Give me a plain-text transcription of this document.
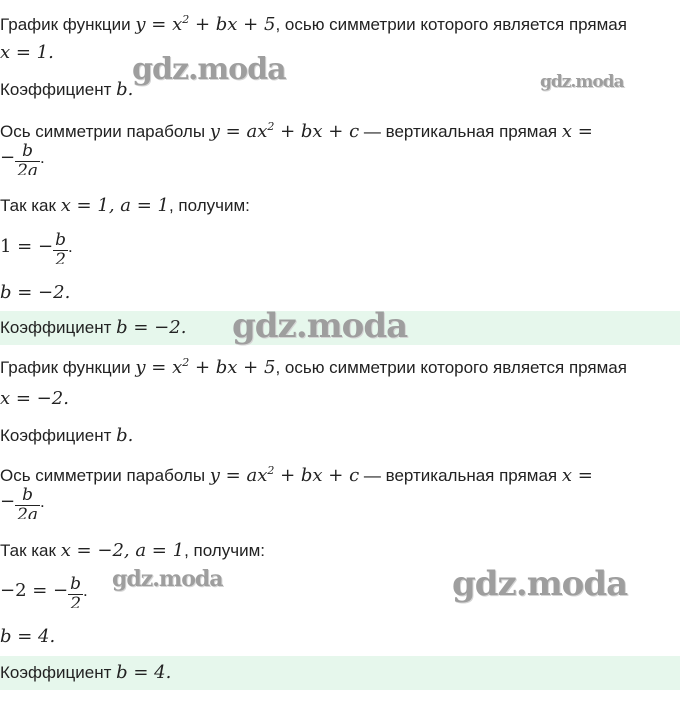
График функции $y = x^2$ + bx + 5, осью симметрии которого является прямая
x = 1.
Коэффициент b.
Ось симметрии параболы $y = ax^2$ + bx + c — вертикальная прямая x =
− $\frac{b}{2a}$ .
Так как x = 1, a = 1, получим:
1 = − $\frac{b}{2}$ .
b = −2.
Коэффициент b = −2.
График функции $y = x^2$ + bx + 5, осью симметрии которого является прямая
x = −2.
Коэффициент b.
Ось симметрии параболы $y = ax^2$ + bx + c — вертикальная прямая x =
− $\frac{b}{2a}$ .
Так как x = −2, a = 1, получим:
−2 = − $\frac{b}{2}$ .
b = 4.
Коэффициент b = 4.
gdz.moda	gdz.moda
gdz.moda
gdz.moda	gdz.moda
